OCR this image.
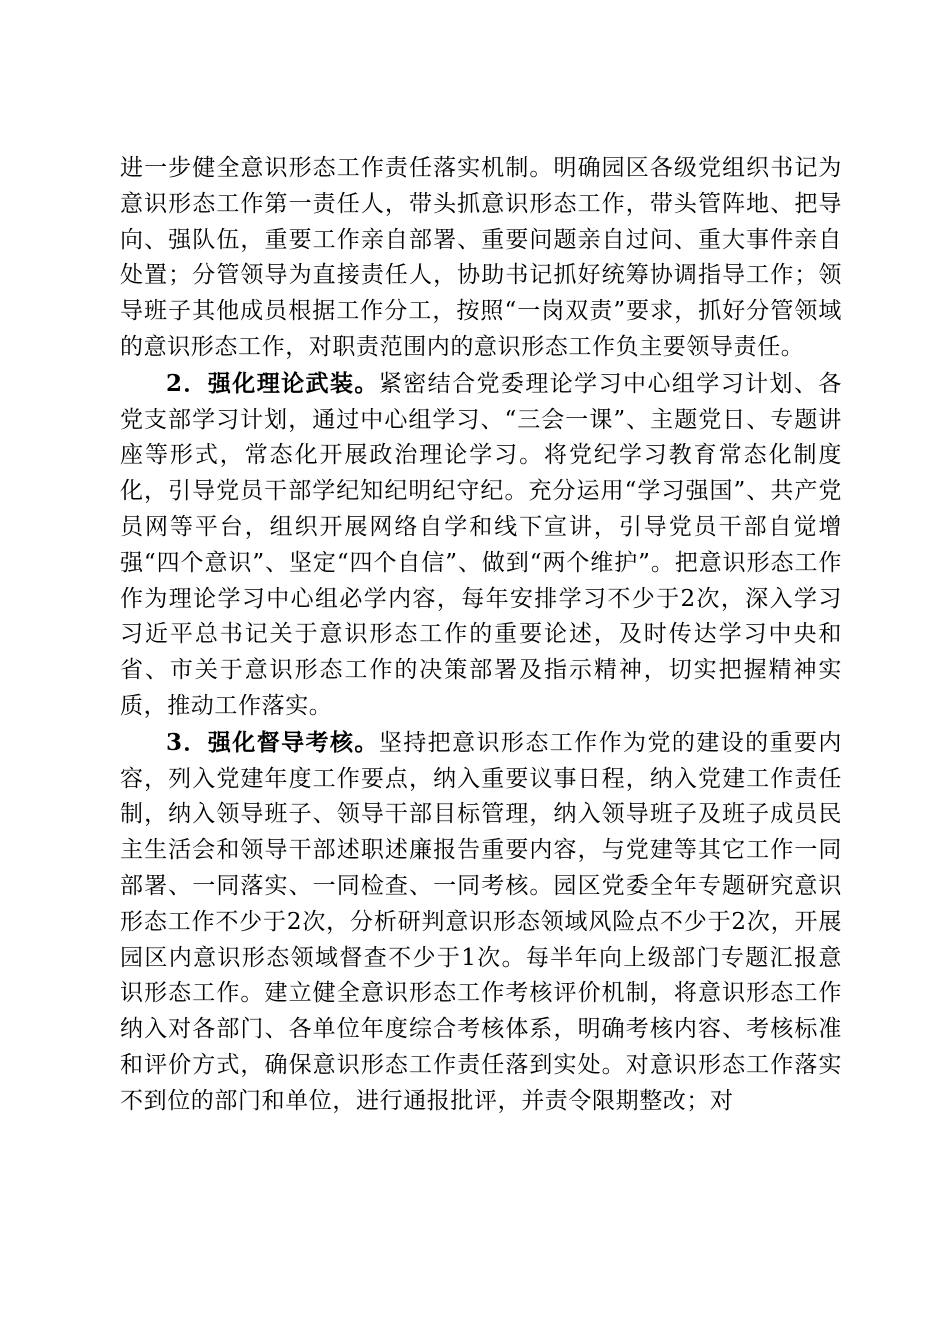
进一步健全意识形态工作责任落实机制。明确园区各级党组织书记为意识形态工作第一责任人，带头抓意识形态工作，带头管阵地、把导向、强队伍，重要工作亲自部署、重要问题亲自过问、重大事件亲自处置；分管领导为直接责任人，协助书记抓好统筹协调指导工作；领导班子其他成员根据工作分工，按照“一岗双责”要求，抓好分管领域的意识形态工作，对职责范围内的意识形态工作负主要领导责任。

2．强化理论武装。紧密结合党委理论学习中心组学习计划、各党支部学习计划，通过中心组学习、“三会一课”、主题党日、专题讲座等形式，常态化开展政治理论学习。将党纪学习教育常态化制度化，引导党员干部学纪知纪明纪守纪。充分运用“学习强国”、共产党员网等平台，组织开展网络自学和线下宣讲，引导党员干部自觉增强“四个意识”、坚定“四个自信”、做到“两个维护”。把意识形态工作作为理论学习中心组必学内容，每年安排学习不少于2次，深入学习习近平总书记关于意识形态工作的重要论述，及时传达学习中央和省、市关于意识形态工作的决策部署及指示精神，切实把握精神实质，推动工作落实。

3．强化督导考核。坚持把意识形态工作作为党的建设的重要内容，列入党建年度工作要点，纳入重要议事日程，纳入党建工作责任制，纳入领导班子、领导干部目标管理，纳入领导班子及班子成员民主生活会和领导干部述职述廉报告重要内容，与党建等其它工作一同部署、一同落实、一同检查、一同考核。园区党委全年专题研究意识形态工作不少于2次，分析研判意识形态领域风险点不少于2次，开展园区内意识形态领域督查不少于1次。每半年向上级部门专题汇报意识形态工作。建立健全意识形态工作考核评价机制，将意识形态工作纳入对各部门、各单位年度综合考核体系，明确考核内容、考核标准和评价方式，确保意识形态工作责任落到实处。对意识形态工作落实不到位的部门和单位，进行通报批评，并责令限期整改；对
